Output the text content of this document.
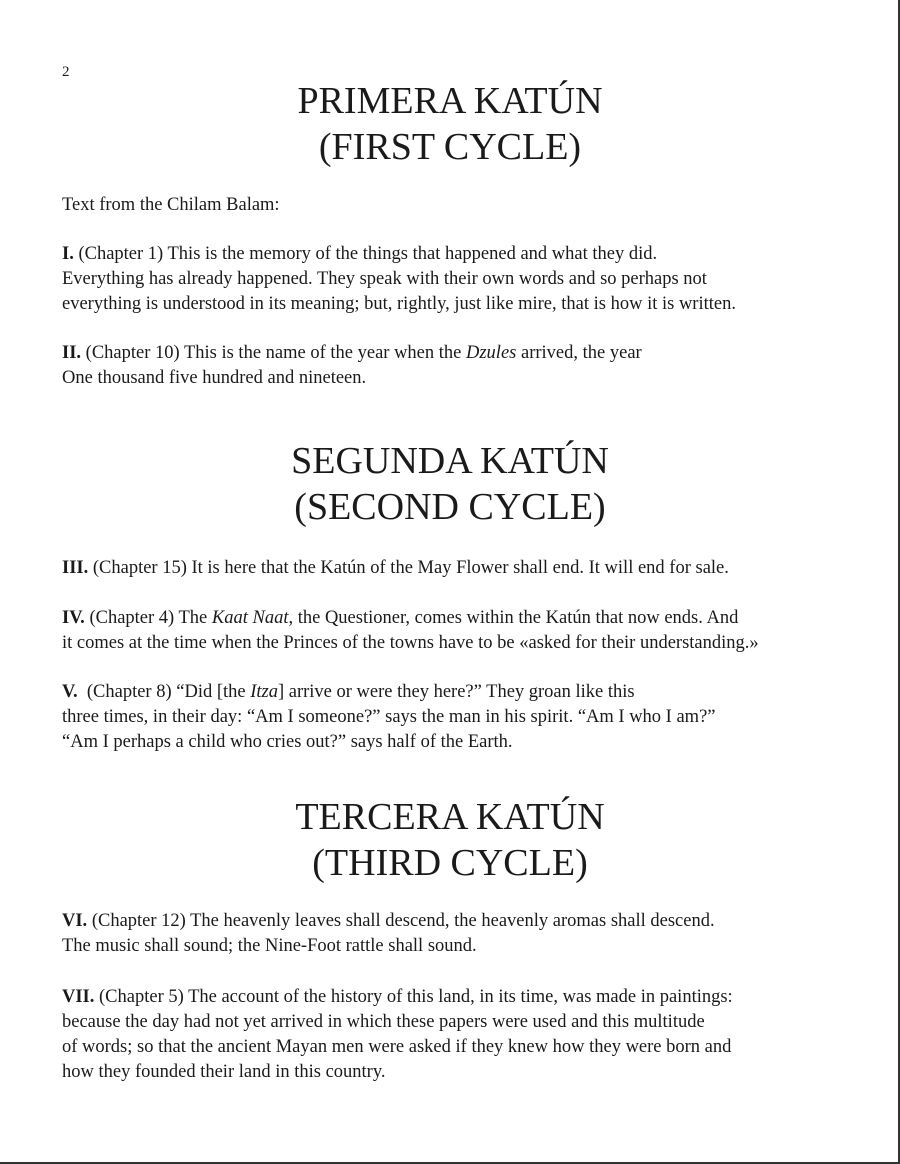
2
PRIMERA KATÚN
(FIRST CYCLE)
Text from the Chilam Balam:
I. (Chapter 1) This is the memory of the things that happened and what they did.
Everything has already happened. They speak with their own words and so perhaps not
everything is understood in its meaning; but, rightly, just like mire, that is how it is written.
II. (Chapter 10) This is the name of the year when the Dzules arrived, the year
One thousand five hundred and nineteen.
SEGUNDA KATÚN
(SECOND CYCLE)
III. (Chapter 15) It is here that the Katún of the May Flower shall end. It will end for sale.
IV. (Chapter 4) The Kaat Naat, the Questioner, comes within the Katún that now ends. And
it comes at the time when the Princes of the towns have to be «asked for their understanding.»
V.  (Chapter 8) “Did [the Itza] arrive or were they here?” They groan like this
three times, in their day: “Am I someone?” says the man in his spirit. “Am I who I am?”
“Am I perhaps a child who cries out?” says half of the Earth.
TERCERA KATÚN
(THIRD CYCLE)
VI. (Chapter 12) The heavenly leaves shall descend, the heavenly aromas shall descend.
The music shall sound; the Nine-Foot rattle shall sound.
VII. (Chapter 5) The account of the history of this land, in its time, was made in paintings:
because the day had not yet arrived in which these papers were used and this multitude
of words; so that the ancient Mayan men were asked if they knew how they were born and
how they founded their land in this country.
